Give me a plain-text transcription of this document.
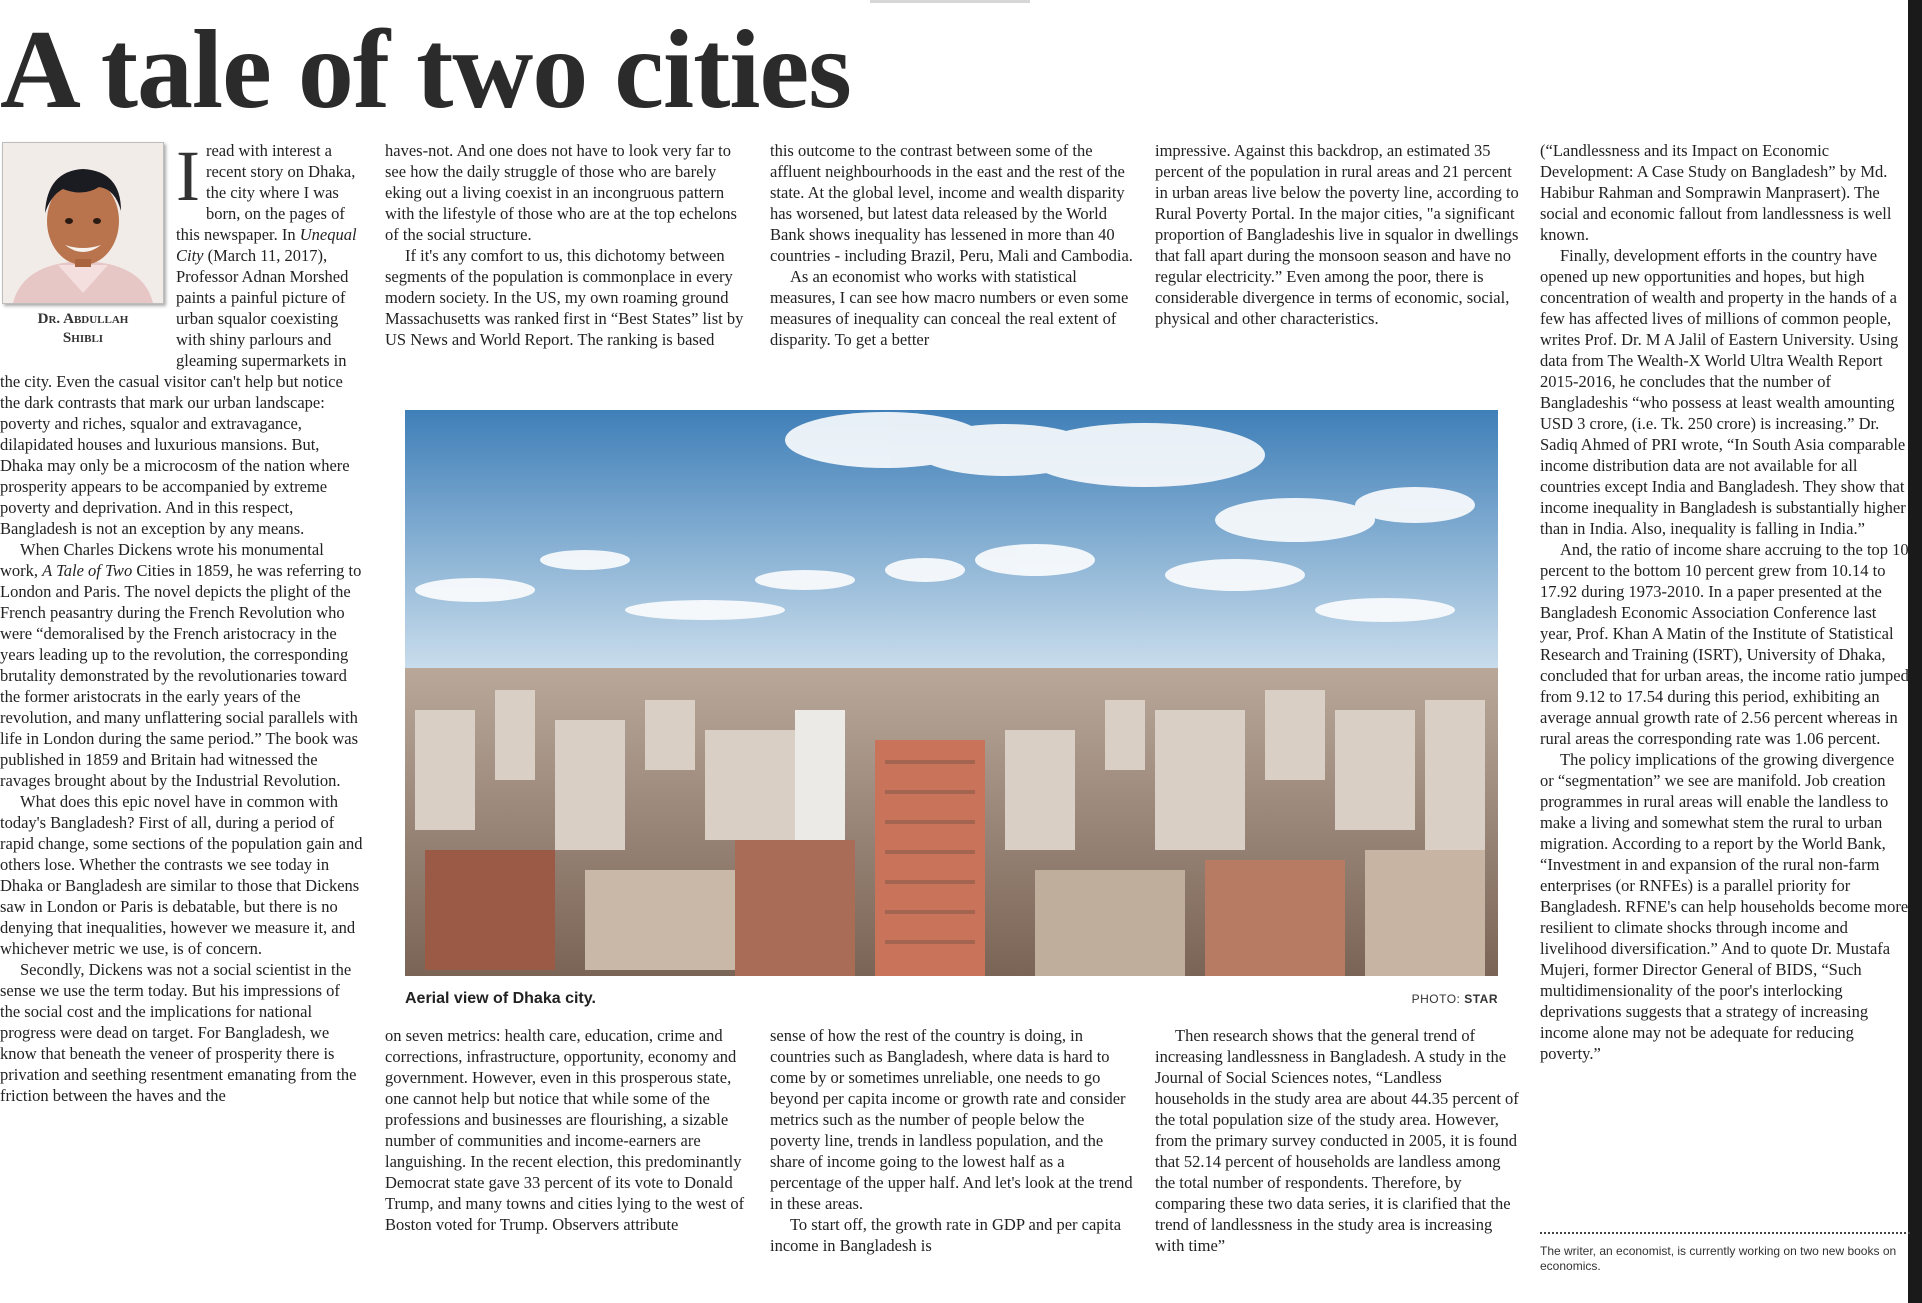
A tale of two cities
Dr. Abdullah
Shibli

I read with interest a recent story on Dhaka, the city where I was born, on the pages of this newspaper. In Unequal City (March 11, 2017), Professor Adnan Morshed paints a painful picture of urban squalor coexisting with shiny parlours and gleaming supermarkets in the city. Even the casual visitor can't help but notice the dark contrasts that mark our urban landscape: poverty and riches, squalor and extravagance, dilapidated houses and luxurious mansions. But, Dhaka may only be a microcosm of the nation where prosperity appears to be accompanied by extreme poverty and deprivation. And in this respect, Bangladesh is not an exception by any means.

When Charles Dickens wrote his monumental work, A Tale of Two Cities in 1859, he was referring to London and Paris. The novel depicts the plight of the French peasantry during the French Revolution who were “demoralised by the French aristocracy in the years leading up to the revolution, the corresponding brutality demonstrated by the revolutionaries toward the former aristocrats in the early years of the revolution, and many unflattering social parallels with life in London during the same period.” The book was published in 1859 and Britain had witnessed the ravages brought about by the Industrial Revolution.

What does this epic novel have in common with today's Bangladesh? First of all, during a period of rapid change, some sections of the population gain and others lose. Whether the contrasts we see today in Dhaka or Bangladesh are similar to those that Dickens saw in London or Paris is debatable, but there is no denying that inequalities, however we measure it, and whichever metric we use, is of concern.

Secondly, Dickens was not a social scientist in the sense we use the term today. But his impressions of the social cost and the implications for national progress were dead on target. For Bangladesh, we know that beneath the veneer of prosperity there is privation and seething resentment emanating from the friction between the haves and the

haves-not. And one does not have to look very far to see how the daily struggle of those who are barely eking out a living coexist in an incongruous pattern with the lifestyle of those who are at the top echelons of the social structure.

If it's any comfort to us, this dichotomy between segments of the population is commonplace in every modern society. In the US, my own roaming ground Massachusetts was ranked first in “Best States” list by US News and World Report. The ranking is based

this outcome to the contrast between some of the affluent neighbourhoods in the east and the rest of the state. At the global level, income and wealth disparity has worsened, but latest data released by the World Bank shows inequality has lessened in more than 40 countries - including Brazil, Peru, Mali and Cambodia.

As an economist who works with statistical measures, I can see how macro numbers or even some measures of inequality can conceal the real extent of disparity. To get a better

impressive. Against this backdrop, an estimated 35 percent of the population in rural areas and 21 percent in urban areas live below the poverty line, according to Rural Poverty Portal. In the major cities, "a significant proportion of Bangladeshis live in squalor in dwellings that fall apart during the monsoon season and have no regular electricity.” Even among the poor, there is considerable divergence in terms of economic, social, physical and other characteristics.

Aerial view of Dhaka city.	PHOTO: STAR

on seven metrics: health care, education, crime and corrections, infrastructure, opportunity, economy and government. However, even in this prosperous state, one cannot help but notice that while some of the professions and businesses are flourishing, a sizable number of communities and income-earners are languishing. In the recent election, this predominantly Democrat state gave 33 percent of its vote to Donald Trump, and many towns and cities lying to the west of Boston voted for Trump. Observers attribute

sense of how the rest of the country is doing, in countries such as Bangladesh, where data is hard to come by or sometimes unreliable, one needs to go beyond per capita income or growth rate and consider metrics such as the number of people below the poverty line, trends in landless population, and the share of income going to the lowest half as a percentage of the upper half. And let's look at the trend in these areas.

To start off, the growth rate in GDP and per capita income in Bangladesh is

Then research shows that the general trend of increasing landlessness in Bangladesh. A study in the Journal of Social Sciences notes, “Landless households in the study area are about 44.35 percent of the total population size of the study area. However, from the primary survey conducted in 2005, it is found that 52.14 percent of households are landless among the total number of respondents. Therefore, by comparing these two data series, it is clarified that the trend of landlessness in the study area is increasing with time”

(“Landlessness and its Impact on Economic Development: A Case Study on Bangladesh” by Md. Habibur Rahman and Somprawin Manprasert). The social and economic fallout from landlessness is well known.

Finally, development efforts in the country have opened up new opportunities and hopes, but high concentration of wealth and property in the hands of a few has affected lives of millions of common people, writes Prof. Dr. M A Jalil of Eastern University. Using data from The Wealth-X World Ultra Wealth Report 2015-2016, he concludes that the number of Bangladeshis “who possess at least wealth amounting USD 3 crore, (i.e. Tk. 250 crore) is increasing.” Dr. Sadiq Ahmed of PRI wrote, “In South Asia comparable income distribution data are not available for all countries except India and Bangladesh. They show that income inequality in Bangladesh is substantially higher than in India. Also, inequality is falling in India.”

And, the ratio of income share accruing to the top 10 percent to the bottom 10 percent grew from 10.14 to 17.92 during 1973-2010. In a paper presented at the Bangladesh Economic Association Conference last year, Prof. Khan A Matin of the Institute of Statistical Research and Training (ISRT), University of Dhaka, concluded that for urban areas, the income ratio jumped from 9.12 to 17.54 during this period, exhibiting an average annual growth rate of 2.56 percent whereas in rural areas the corresponding rate was 1.06 percent.

The policy implications of the growing divergence or “segmentation” we see are manifold. Job creation programmes in rural areas will enable the landless to make a living and somewhat stem the rural to urban migration. According to a report by the World Bank, “Investment in and expansion of the rural non-farm enterprises (or RNFEs) is a parallel priority for Bangladesh. RFNE's can help households become more resilient to climate shocks through income and livelihood diversification.” And to quote Dr. Mustafa Mujeri, former Director General of BIDS, “Such multidimensionality of the poor's interlocking deprivations suggests that a strategy of increasing income alone may not be adequate for reducing poverty.”

The writer, an economist, is currently working on two new books on economics.
